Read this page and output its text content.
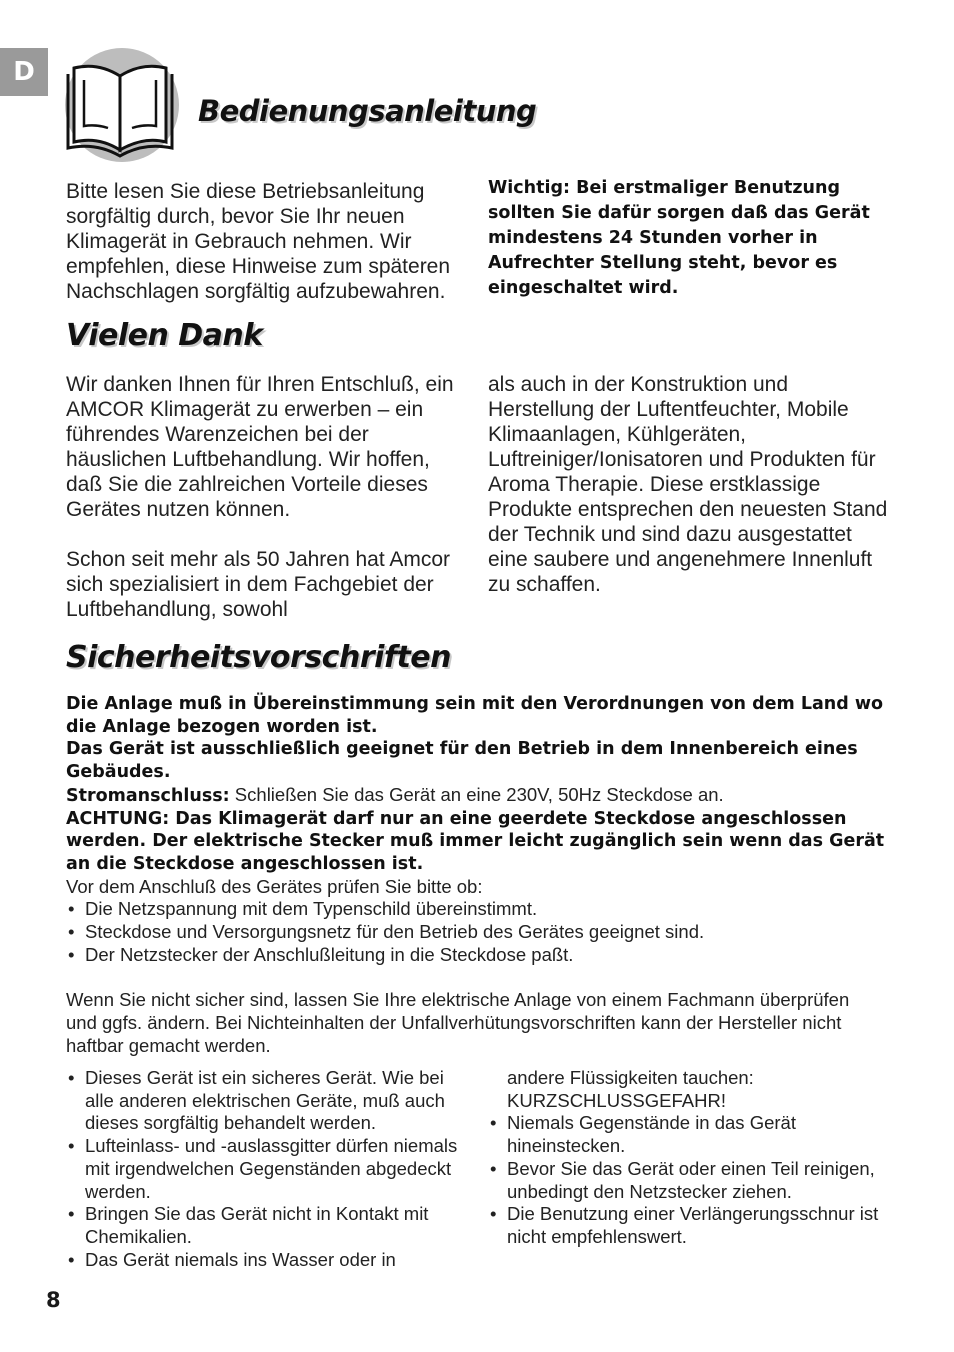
D
Bedienungsanleitung

Bitte lesen Sie diese Betriebsanleitung sorgfältig durch, bevor Sie Ihr neuen Klimagerät in Gebrauch nehmen. Wir empfehlen, diese Hinweise zum späteren Nachschlagen sorgfältig aufzubewahren.

Wichtig: Bei erstmaliger Benutzung sollten Sie dafür sorgen daß das Gerät mindestens 24 Stunden vorher in Aufrechter Stellung steht, bevor es eingeschaltet wird.

Vielen Dank

Wir danken Ihnen für Ihren Entschluß, ein AMCOR Klimagerät zu erwerben – ein führendes Warenzeichen bei der häuslichen Luftbehandlung. Wir hoffen, daß Sie die zahlreichen Vorteile dieses Gerätes nutzen können.

Schon seit mehr als 50 Jahren hat Amcor sich spezialisiert in dem Fachgebiet der Luftbehandlung, sowohl

als auch in der Konstruktion und Herstellung der Luftentfeuchter, Mobile Klimaanlagen, Kühlgeräten, Luftreiniger/Ionisatoren und Produkten für Aroma Therapie. Diese erstklassige Produkte entsprechen den neuesten Stand der Technik und sind dazu ausgestattet eine saubere und angenehmere Innenluft zu schaffen.

Sicherheitsvorschriften

Die Anlage muß in Übereinstimmung sein mit den Verordnungen von dem Land wo die Anlage bezogen worden ist.

Das Gerät ist ausschließlich geeignet für den Betrieb in dem Innenbereich eines Gebäudes.

Stromanschluss: Schließen Sie das Gerät an eine 230V, 50Hz Steckdose an.

ACHTUNG: Das Klimagerät darf nur an eine geerdete Steckdose angeschlossen werden. Der elektrische Stecker muß immer leicht zugänglich sein wenn das Gerät an die Steckdose angeschlossen ist.

Vor dem Anschluß des Gerätes prüfen Sie bitte ob:

• Die Netzspannung mit dem Typenschild übereinstimmt.
• Steckdose und Versorgungsnetz für den Betrieb des Gerätes geeignet sind.
• Der Netzstecker der Anschlußleitung in die Steckdose paßt.

Wenn Sie nicht sicher sind, lassen Sie Ihre elektrische Anlage von einem Fachmann überprüfen und ggfs. ändern. Bei Nichteinhalten der Unfallverhütungsvorschriften kann der Hersteller nicht haftbar gemacht werden.

• Dieses Gerät ist ein sicheres Gerät. Wie bei alle anderen elektrischen Geräte, muß auch dieses sorgfältig behandelt werden.
• Lufteinlass- und -auslassgitter dürfen niemals mit irgendwelchen Gegenständen abgedeckt werden.
• Bringen Sie das Gerät nicht in Kontakt mit Chemikalien.
• Das Gerät niemals ins Wasser oder in

andere Flüssigkeiten tauchen: KURZSCHLUSSGEFAHR!

• Niemals Gegenstände in das Gerät hineinstecken.
• Bevor Sie das Gerät oder einen Teil reinigen, unbedingt den Netzstecker ziehen.
• Die Benutzung einer Verlängerungsschnur ist nicht empfehlenswert.
8
